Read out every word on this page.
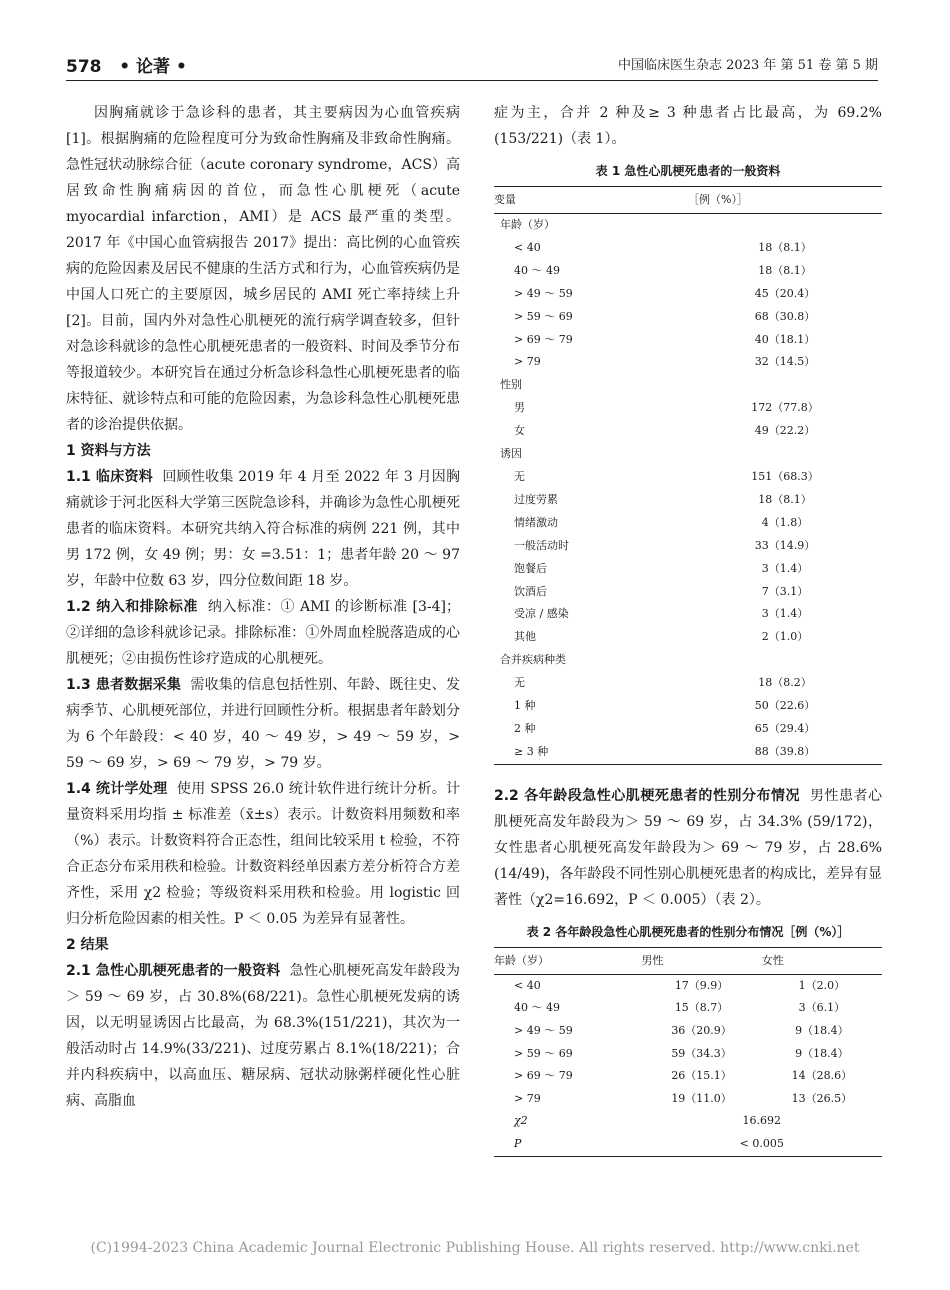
578 • 论著 •	中国临床医生杂志 2023 年 第 51 卷 第 5 期

因胸痛就诊于急诊科的患者，其主要病因为心血管疾病 [1]。根据胸痛的危险程度可分为致命性胸痛及非致命性胸痛。急性冠状动脉综合征（acute coronary syndrome，ACS）高居致命性胸痛病因的首位，而急性心肌梗死（acute myocardial infarction，AMI）是 ACS 最严重的类型。2017 年《中国心血管病报告 2017》提出：高比例的心血管疾病的危险因素及居民不健康的生活方式和行为，心血管疾病仍是中国人口死亡的主要原因，城乡居民的 AMI 死亡率持续上升 [2]。目前，国内外对急性心肌梗死的流行病学调查较多，但针对急诊科就诊的急性心肌梗死患者的一般资料、时间及季节分布等报道较少。本研究旨在通过分析急诊科急性心肌梗死患者的临床特征、就诊特点和可能的危险因素，为急诊科急性心肌梗死患者的诊治提供依据。

1 资料与方法

1.1 临床资料 回顾性收集 2019 年 4 月至 2022 年 3 月因胸痛就诊于河北医科大学第三医院急诊科，并确诊为急性心肌梗死患者的临床资料。本研究共纳入符合标准的病例 221 例，其中男 172 例，女 49 例；男：女 =3.51：1；患者年龄 20 ～ 97 岁，年龄中位数 63 岁，四分位数间距 18 岁。

1.2 纳入和排除标准 纳入标准：① AMI 的诊断标准 [3-4]；②详细的急诊科就诊记录。排除标准：①外周血栓脱落造成的心肌梗死；②由损伤性诊疗造成的心肌梗死。

1.3 患者数据采集 需收集的信息包括性别、年龄、既往史、发病季节、心肌梗死部位，并进行回顾性分析。根据患者年龄划分为 6 个年龄段：< 40 岁，40 ～ 49 岁，> 49 ～ 59 岁，> 59 ～ 69 岁，> 69 ～ 79 岁，> 79 岁。

1.4 统计学处理 使用 SPSS 26.0 统计软件进行统计分析。计量资料采用均指 ± 标准差（x̄±s）表示。计数资料用频数和率（%）表示。计数资料符合正态性，组间比较采用 t 检验，不符合正态分布采用秩和检验。计数资料经单因素方差分析符合方差齐性，采用 χ2 检验；等级资料采用秩和检验。用 logistic 回归分析危险因素的相关性。P ＜ 0.05 为差异有显著性。

2 结果

2.1 急性心肌梗死患者的一般资料 急性心肌梗死高发年龄段为＞ 59 ～ 69 岁，占 30.8%(68/221)。急性心肌梗死发病的诱因，以无明显诱因占比最高，为 68.3%(151/221)，其次为一般活动时占 14.9%(33/221)、过度劳累占 8.1%(18/221)；合并内科疾病中，以高血压、糖尿病、冠状动脉粥样硬化性心脏病、高脂血

症为主，合并 2 种及≥ 3 种患者占比最高，为 69.2% (153/221)（表 1）。

表 1 急性心肌梗死患者的一般资料
变量	［例（%）］
年龄（岁）	
< 40	18（8.1）
40 ～ 49	18（8.1）
> 49 ～ 59	45（20.4）
> 59 ～ 69	68（30.8）
> 69 ～ 79	40（18.1）
> 79	32（14.5）
性别	
男	172（77.8）
女	49（22.2）
诱因	
无	151（68.3）
过度劳累	18（8.1）
情绪激动	4（1.8）
一般活动时	33（14.9）
饱餐后	3（1.4）
饮酒后	7（3.1）
受凉 / 感染	3（1.4）
其他	2（1.0）
合并疾病种类	
无	18（8.2）
1 种	50（22.6）
2 种	65（29.4）
≥ 3 种	88（39.8）

2.2 各年龄段急性心肌梗死患者的性别分布情况 男性患者心肌梗死高发年龄段为＞ 59 ～ 69 岁，占 34.3% (59/172)，女性患者心肌梗死高发年龄段为＞ 69 ～ 79 岁，占 28.6%(14/49)，各年龄段不同性别心肌梗死患者的构成比，差异有显著性（χ2=16.692，P ＜ 0.005）（表 2）。

表 2 各年龄段急性心肌梗死患者的性别分布情况［例（%）］
年龄（岁）	男性	女性
< 40	17（9.9）	1（2.0）
40 ～ 49	15（8.7）	3（6.1）
> 49 ～ 59	36（20.9）	9（18.4）
> 59 ～ 69	59（34.3）	9（18.4）
> 69 ～ 79	26（15.1）	14（28.6）
> 79	19（11.0）	13（26.5）
χ2	16.692	
P	< 0.005	
(C)1994-2023 China Academic Journal Electronic Publishing House. All rights reserved. http://www.cnki.net
